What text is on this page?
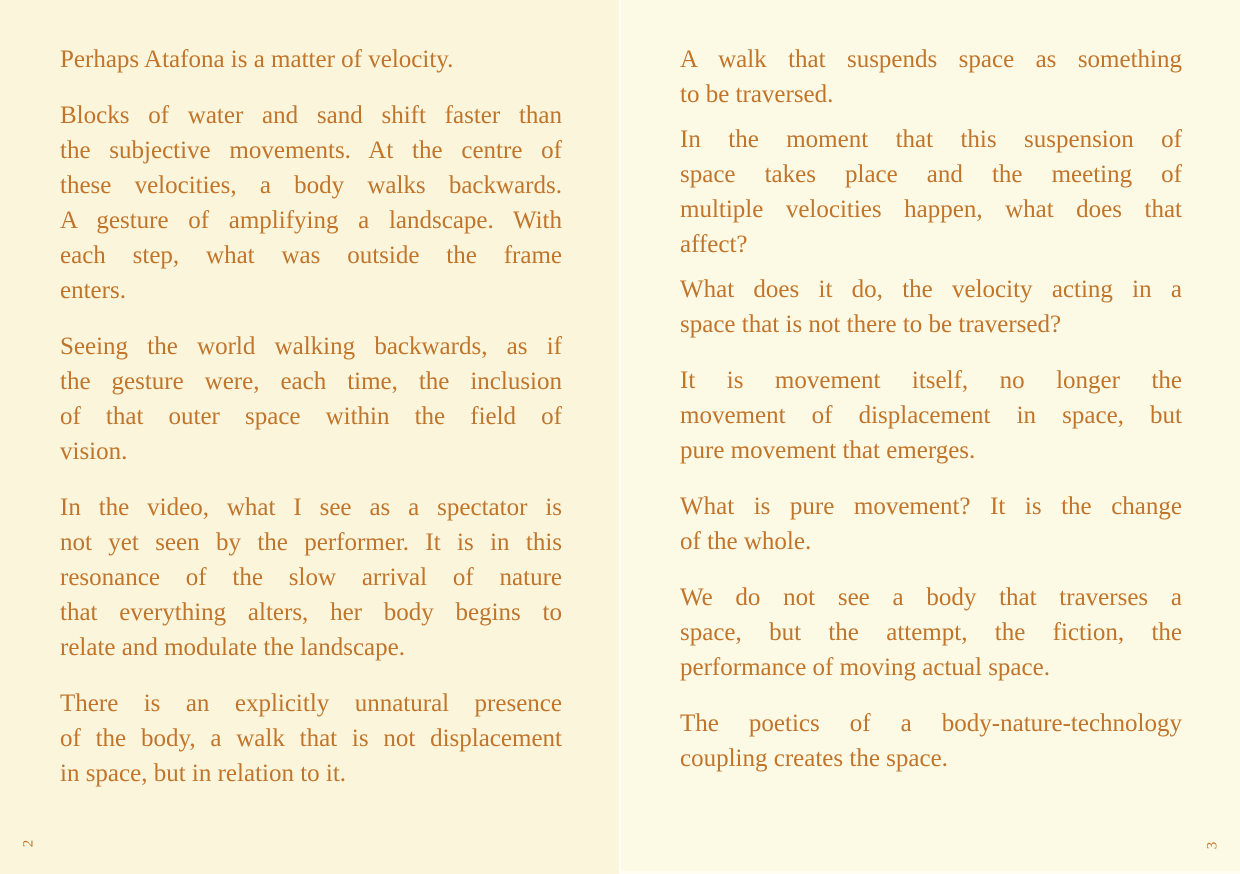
Perhaps Atafona is a matter of velocity.
Blocks of water and sand shift faster than
the subjective movements. At the centre of
these velocities, a body walks backwards.
A gesture of amplifying a landscape. With
each step, what was outside the frame
enters.
Seeing the world walking backwards, as if
the gesture were, each time, the inclusion
of that outer space within the field of
vision.
In the video, what I see as a spectator is
not yet seen by the performer. It is in this
resonance of the slow arrival of nature
that everything alters, her body begins to
relate and modulate the landscape.
There is an explicitly unnatural presence
of the body, a walk that is not displacement
in space, but in relation to it.
2
A walk that suspends space as something
to be traversed.
In the moment that this suspension of
space takes place and the meeting of
multiple velocities happen, what does that
affect?
What does it do, the velocity acting in a
space that is not there to be traversed?
It is movement itself, no longer the
movement of displacement in space, but
pure movement that emerges.
What is pure movement? It is the change
of the whole.
We do not see a body that traverses a
space, but the attempt, the fiction, the
performance of moving actual space.
The poetics of a body-nature-technology
coupling creates the space.
3
